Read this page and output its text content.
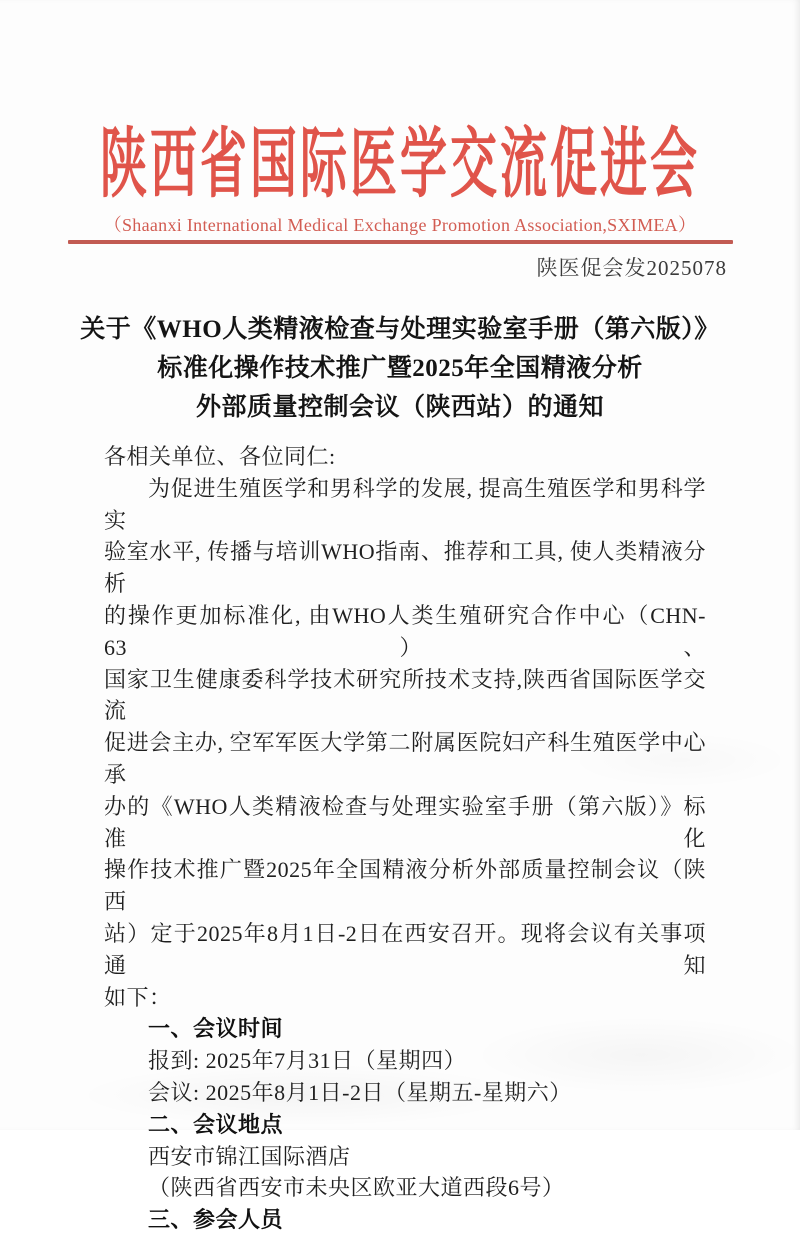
陕西省国际医学交流促进会
（Shaanxi International Medical Exchange Promotion Association,SXIMEA）
陕医促会发2025078
关于《WHO人类精液检查与处理实验室手册（第六版）》
标准化操作技术推广暨2025年全国精液分析
外部质量控制会议（陕西站）的通知
各相关单位、各位同仁:
为促进生殖医学和男科学的发展, 提高生殖医学和男科学实
验室水平, 传播与培训WHO指南、推荐和工具, 使人类精液分析
的操作更加标准化, 由WHO人类生殖研究合作中心（CHN-63）、
国家卫生健康委科学技术研究所技术支持,陕西省国际医学交流
促进会主办, 空军军医大学第二附属医院妇产科生殖医学中心承
办的《WHO人类精液检查与处理实验室手册（第六版）》标准化
操作技术推广暨2025年全国精液分析外部质量控制会议（陕西
站）定于2025年8月1日-2日在西安召开。现将会议有关事项通知
如下：
一、会议时间
报到: 2025年7月31日（星期四）
会议: 2025年8月1日-2日（星期五-星期六）
二、会议地点
西安市锦江国际酒店
（陕西省西安市未央区欧亚大道西段6号）
三、参会人员
